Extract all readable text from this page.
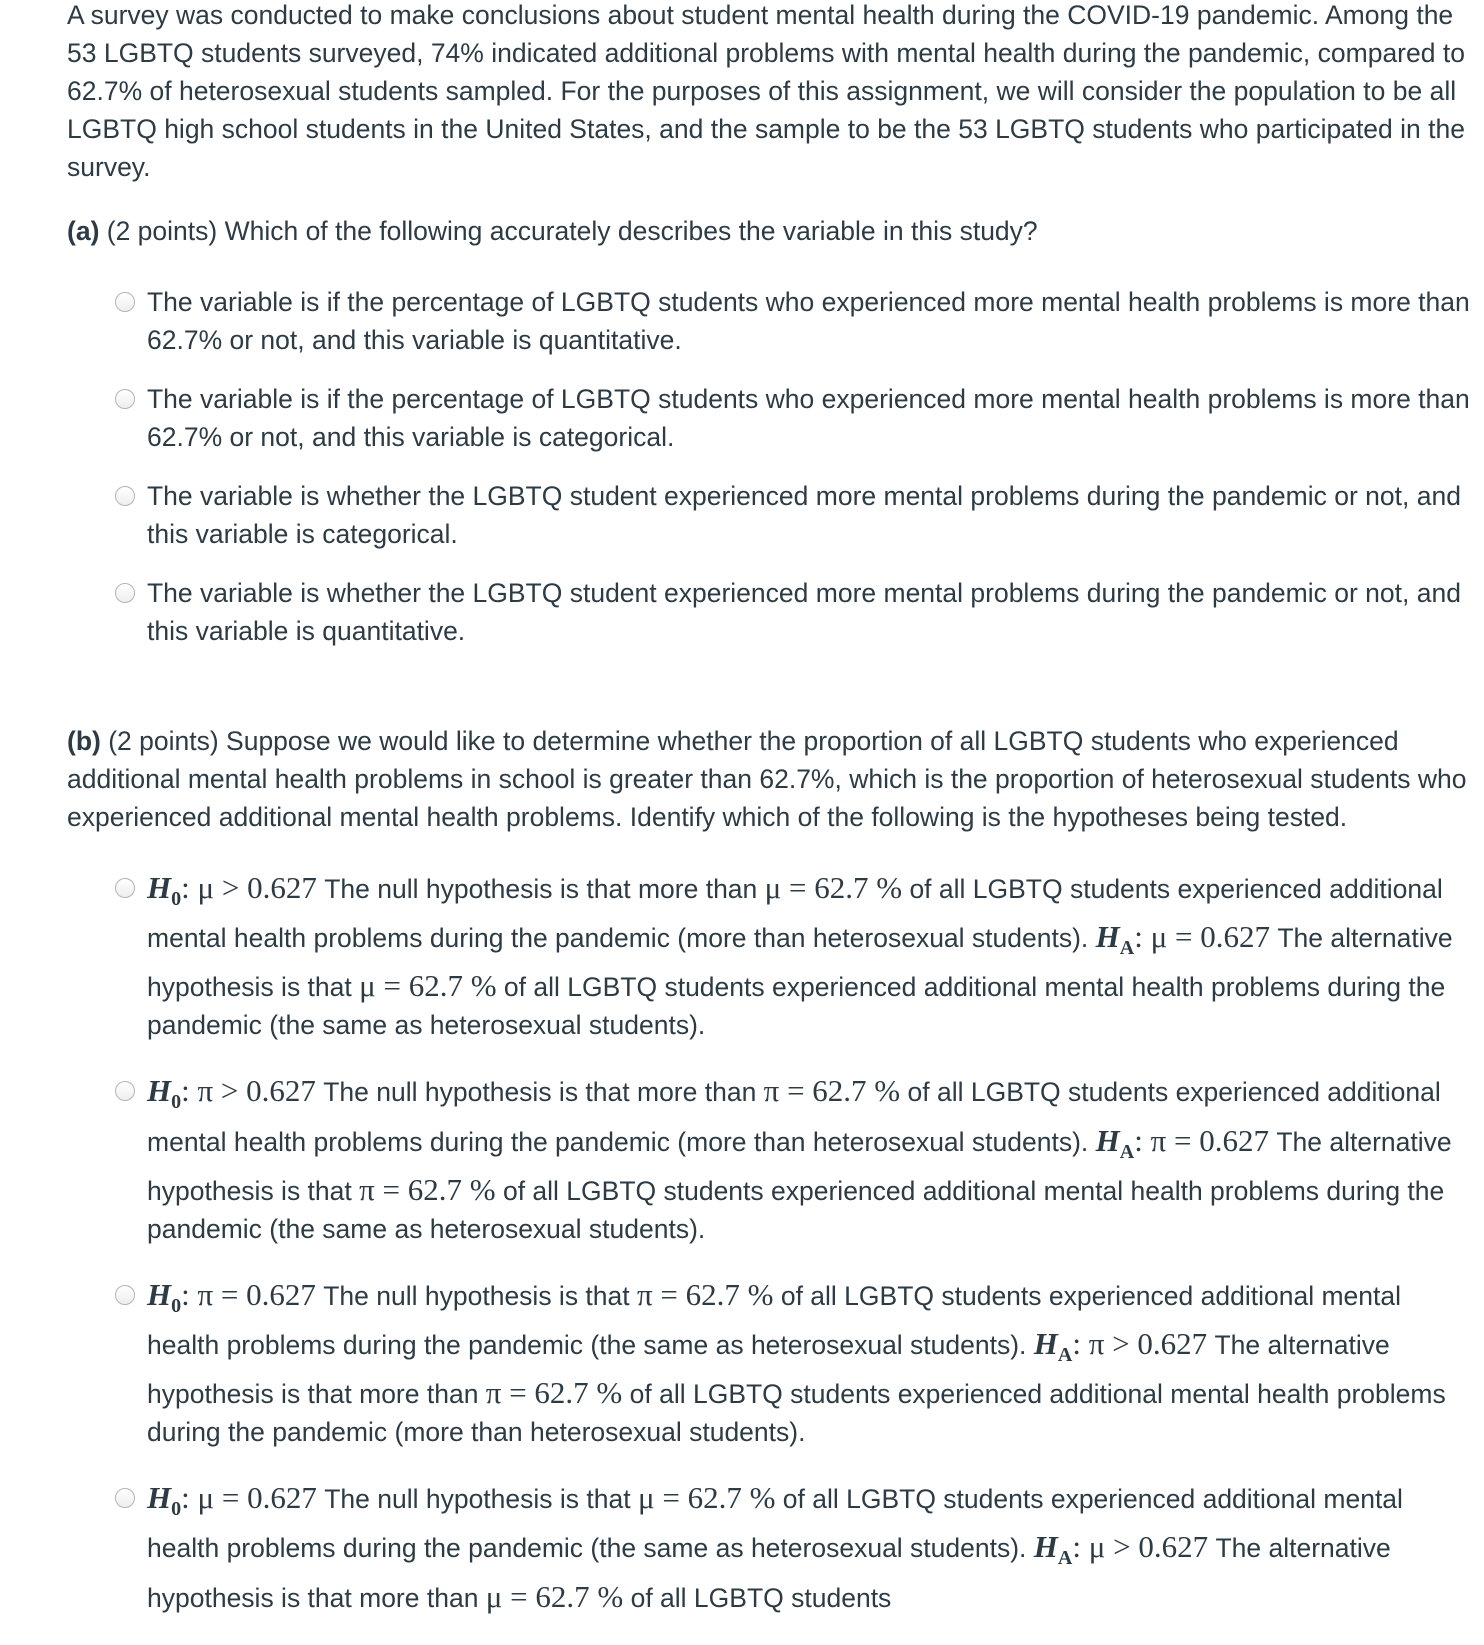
A survey was conducted to make conclusions about student mental health during the COVID-19 pandemic. Among the 53 LGBTQ students surveyed, 74% indicated additional problems with mental health during the pandemic, compared to 62.7% of heterosexual students sampled. For the purposes of this assignment, we will consider the population to be all LGBTQ high school students in the United States, and the sample to be the 53 LGBTQ students who participated in the survey.

(a) (2 points) Which of the following accurately describes the variable in this study?

The variable is if the percentage of LGBTQ students who experienced more mental health problems is more than 62.7% or not, and this variable is quantitative.
The variable is if the percentage of LGBTQ students who experienced more mental health problems is more than 62.7% or not, and this variable is categorical.
The variable is whether the LGBTQ student experienced more mental problems during the pandemic or not, and this variable is categorical.
The variable is whether the LGBTQ student experienced more mental problems during the pandemic or not, and this variable is quantitative.

(b) (2 points) Suppose we would like to determine whether the proportion of all LGBTQ students who experienced additional mental health problems in school is greater than 62.7%, which is the proportion of heterosexual students who experienced additional mental health problems. Identify which of the following is the hypotheses being tested.

$H_0$: μ > 0.627 The null hypothesis is that more than μ = 62.7 % of all LGBTQ students experienced additional mental health problems during the pandemic (more than heterosexual students). $H_A$: μ = 0.627 The alternative hypothesis is that μ = 62.7 % of all LGBTQ students experienced additional mental health problems during the pandemic (the same as heterosexual students).
$H_0$: π > 0.627 The null hypothesis is that more than π = 62.7 % of all LGBTQ students experienced additional mental health problems during the pandemic (more than heterosexual students). $H_A$: π = 0.627 The alternative hypothesis is that π = 62.7 % of all LGBTQ students experienced additional mental health problems during the pandemic (the same as heterosexual students).
$H_0$: π = 0.627 The null hypothesis is that π = 62.7 % of all LGBTQ students experienced additional mental health problems during the pandemic (the same as heterosexual students). $H_A$: π > 0.627 The alternative hypothesis is that more than π = 62.7 % of all LGBTQ students experienced additional mental health problems during the pandemic (more than heterosexual students).
$H_0$: μ = 0.627 The null hypothesis is that μ = 62.7 % of all LGBTQ students experienced additional mental health problems during the pandemic (the same as heterosexual students). $H_A$: μ > 0.627 The alternative hypothesis is that more than μ = 62.7 % of all LGBTQ students
